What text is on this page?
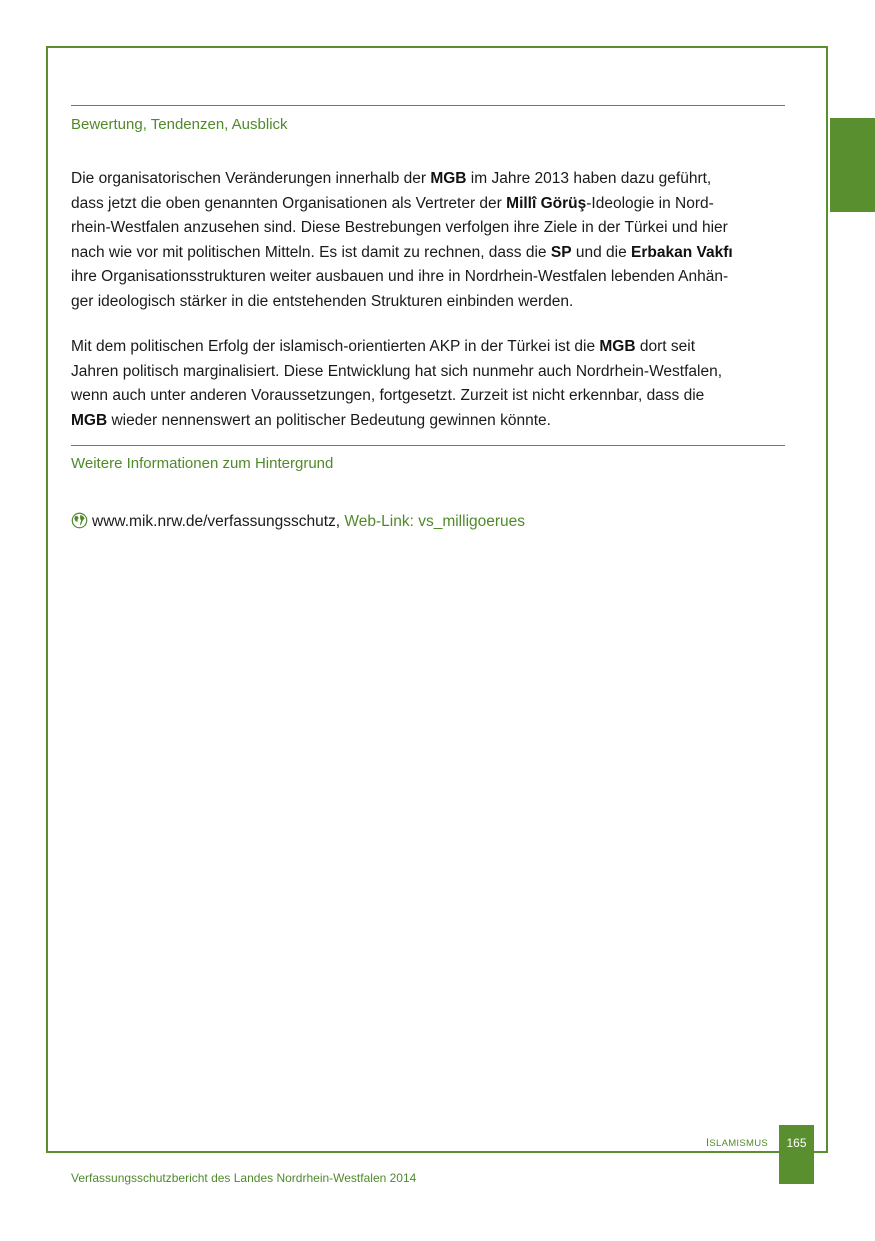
Bewertung, Tendenzen, Ausblick
Die organisatorischen Veränderungen innerhalb der MGB im Jahre 2013 haben dazu geführt,
dass jetzt die oben genannten Organisationen als Vertreter der Millî Görüş-Ideologie in Nord-
rhein-Westfalen anzusehen sind. Diese Bestrebungen verfolgen ihre Ziele in der Türkei und hier
nach wie vor mit politischen Mitteln. Es ist damit zu rechnen, dass die SP und die Erbakan Vakfı
ihre Organisationsstrukturen weiter ausbauen und ihre in Nordrhein-Westfalen lebenden Anhän-
ger ideologisch stärker in die entstehenden Strukturen einbinden werden.
Mit dem politischen Erfolg der islamisch-orientierten AKP in der Türkei ist die MGB dort seit
Jahren politisch marginalisiert. Diese Entwicklung hat sich nunmehr auch Nordrhein-Westfalen,
wenn auch unter anderen Voraussetzungen, fortgesetzt. Zurzeit ist nicht erkennbar, dass die
MGB wieder nennenswert an politischer Bedeutung gewinnen könnte.
Weitere Informationen zum Hintergrund
www.mik.nrw.de/verfassungsschutz, Web-Link: vs_milligoerues
ISLAMISMUS	165
Verfassungsschutzbericht des Landes Nordrhein-Westfalen 2014
